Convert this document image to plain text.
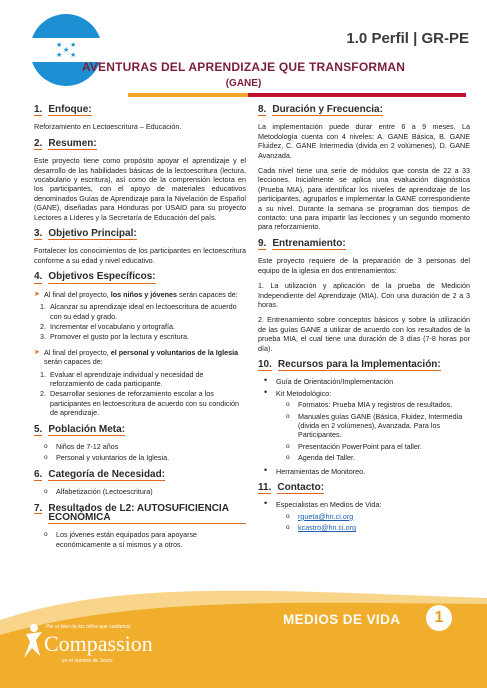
★ ★
★
★ ★
1.0 Perfil | GR-PE
AVENTURAS DEL APRENDIZAJE QUE TRANSFORMAN
(GANE)
1. Enfoque:

Reforzamiento en Lectoescritura – Educación.

2. Resumen:

Este proyecto tiene como propósito apoyar el aprendizaje y el desarrollo de las habilidades básicas de la lectoescritura (lectura, vocabulario y escritura), así como de la comprensión lectora en los participantes, con el apoyo de materiales educativos denominados Guías de Aprendizaje para la Nivelación de Español (GANE), diseñadas para Honduras por USAID para su proyecto Lectores a Líderes y la Secretaría de Educación del país.

3. Objetivo Principal:

Fortalecer los conocimientos de los participantes en lectoescritura conforme a su edad y nivel educativo.

4. Objetivos Específicos:
➤ Al final del proyecto, los niños y jóvenes serán capaces de:
1. Alcanzar su aprendizaje ideal en lectoescritura de acuerdo con su edad y grado.
2. Incrementar el vocabulario y ortografía.
3. Promover el gusto por la lectura y escritura.
➤ Al final del proyecto, el personal y voluntarios de la Iglesia serán capaces de:
1. Evaluar el aprendizaje individual y necesidad de reforzamiento de cada participante.
2. Desarrollar sesiones de reforzamiento escolar a los participantes en lectoescritura de acuerdo con su condición de aprendizaje.
5. Población Meta:
o Niños de 7-12 años
o Personal y voluntarios de la Iglesia.
6. Categoría de Necesidad:
o Alfabetización (Lectoescritura)
7. Resultados de L2: AUTOSUFICIENCIA ECONÓMICA
o Los jóvenes están equipados para apoyarse económicamente a sí mismos y a otros.
8. Duración y Frecuencia:

La implementación puede durar entre 6 a 9 meses. La Metodología cuenta con 4 niveles: A. GANE Básica, B. GANE Fluidez, C. GANE Intermedia (divida en 2 volúmenes), D. GANE Avanzada.

Cada nivel tiene una serie de módulos que consta de 22 a 33 lecciones. Inicialmente se aplica una evaluación diagnóstica (Prueba MIA), para identificar los niveles de aprendizaje de los participantes, agruparlos e implementar la GANE correspondiente a su nivel. Durante la semana se programan dos tiempos de contacto: una para impartir las lecciones y un segundo momento para reforzamiento.

9. Entrenamiento:

Este proyecto requiere de la preparación de 3 personas del equipo de la iglesia en dos entrenamientos:

1. La utilización y aplicación de la prueba de Medición Independiente del Aprendizaje (MIA). Con una duración de 2 a 3 horas.

2. Entrenamiento sobre conceptos básicos y sobre la utilización de las guías GANE a utilizar de acuerdo con los resultados de la prueba MIA, el cual tiene una duración de 3 días (7-8 horas por día).

10. Recursos para la Implementación:
• Guía de Orientación/Implementación
• Kit Metodológico:
o Formatos: Prueba MIA y registros de resultados.
o Manuales guías GANE (Básica, Fluidez, Intermedia (divida en 2 volúmenes), Avanzada. Para los Participantes.
o Presentación PowerPoint para el taller.
o Agenda del Taller.
• Herramientas de Monitoreo.
11. Contacto:
• Especialistas en Medios de Vida:
o rgueta@hn.ci.org
o kcastro@hn.ci.org
MEDIOS DE VIDA	1
Por el bien de los niños que cuidamos
Compassion
en el nombre de Jesús
